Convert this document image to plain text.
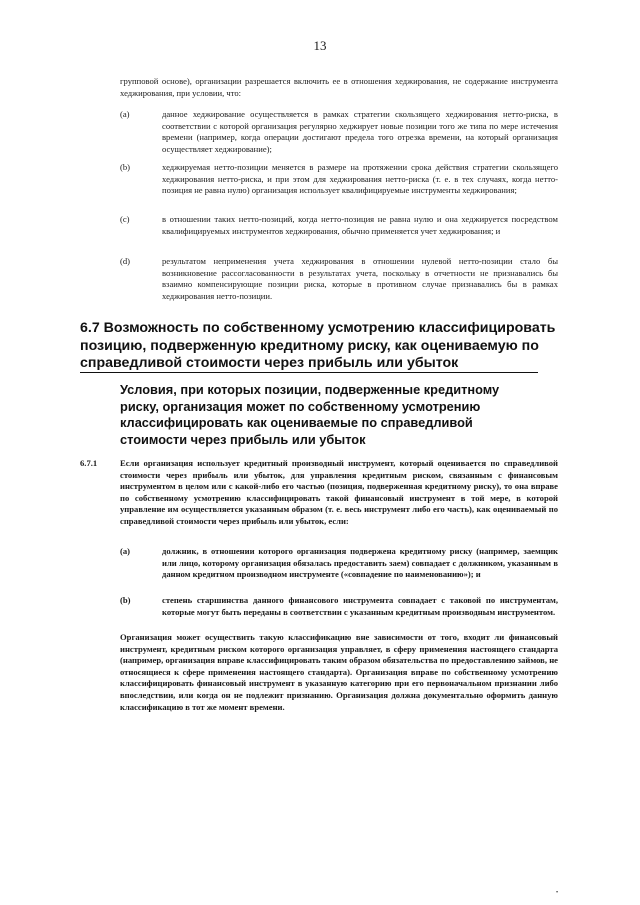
13
групповой основе), организации разрешается включить ее в отношения хеджирования, не содержание инструмента хеджирования, при условии, что:
(a)	данное хеджирование осуществляется в рамках стратегии скользящего хеджирования нетто-риска, в соответствии с которой организация регулярно хеджирует новые позиции того же типа по мере истечения времени (например, когда операции достигают предела того отрезка времени, на который организация осуществляет хеджирование);
(b)	хеджируемая нетто-позиции меняется в размере на протяжении срока действия стратегии скользящего хеджирования нетто-риска, и при этом для хеджирования нетто-риска (т. е. в тех случаях, когда нетто-позиция не равна нулю) организация использует квалифицируемые инструменты хеджирования;
(c)	в отношении таких нетто-позиций, когда нетто-позиция не равна нулю и она хеджируется посредством квалифицируемых инструментов хеджирования, обычно применяется учет хеджирования; и
(d)	результатом неприменения учета хеджирования в отношении нулевой нетто-позиции стало бы возникновение рассогласованности в результатах учета, поскольку в отчетности не признавались бы взаимно компенсирующие позиции риска, которые в противном случае признавались бы в рамках хеджирования нетто-позиции.
6.7 Возможность по собственному усмотрению классифицировать позицию, подверженную кредитному риску, как оцениваемую по справедливой стоимости через прибыль или убыток
Условия, при которых позиции, подверженные кредитному риску, организация может по собственному усмотрению классифицировать как оцениваемые по справедливой стоимости через прибыль или убыток
6.7.1	Если организация использует кредитный производный инструмент, который оценивается по справедливой стоимости через прибыль или убыток, для управления кредитным риском, связанным с финансовым инструментом в целом или с какой-либо его частью (позиция, подверженная кредитному риску), то она вправе по собственному усмотрению классифицировать такой финансовый инструмент в той мере, в которой управление им осуществляется указанным образом (т. е. весь инструмент либо его часть), как оцениваемый по справедливой стоимости через прибыль или убыток, если:
(a)	должник, в отношении которого организация подвержена кредитному риску (например, заемщик или лицо, которому организация обязалась предоставить заем) совпадает с должником, указанным в данном кредитном производном инструменте («совпадение по наименованию»); и
(b)	степень старшинства данного финансового инструмента совпадает с таковой по инструментам, которые могут быть переданы в соответствии с указанным кредитным производным инструментом.
Организация может осуществить такую классификацию вне зависимости от того, входит ли финансовый инструмент, кредитным риском которого организация управляет, в сферу применения настоящего стандарта (например, организация вправе классифицировать таким образом обязательства по предоставлению займов, не относящиеся к сфере применения настоящего стандарта). Организация вправе по собственному усмотрению классифицировать финансовый инструмент в указанную категорию при его первоначальном признании либо впоследствии, или когда он не подлежит признанию. Организация должна документально оформить данную классификацию в тот же момент времени.
•
